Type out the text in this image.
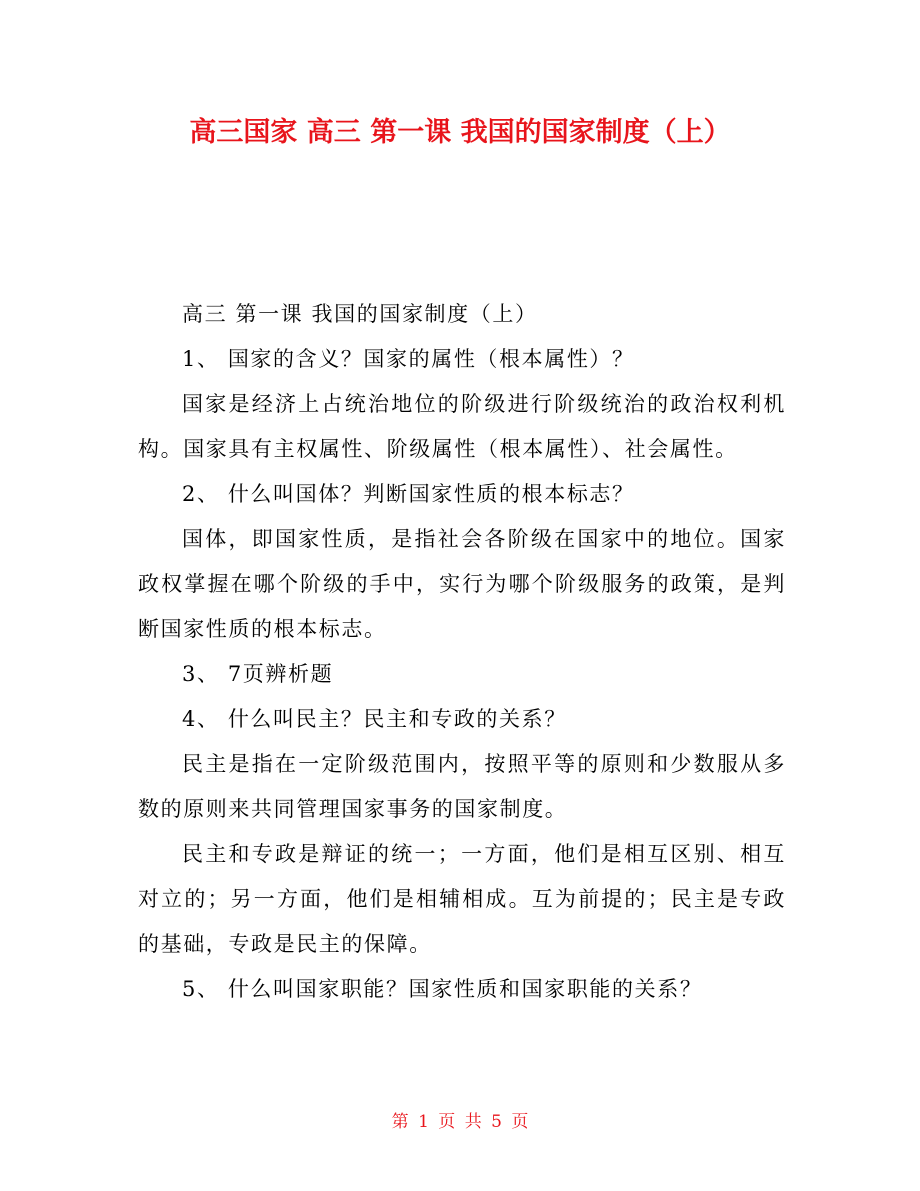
高三国家 高三 第一课 我国的国家制度（上）

高三 第一课 我国的国家制度（上）

1、 国家的含义？国家的属性（根本属性）？

国家是经济上占统治地位的阶级进行阶级统治的政治权利机构。国家具有主权属性、阶级属性（根本属性）、社会属性。

2、 什么叫国体？判断国家性质的根本标志？

国体，即国家性质，是指社会各阶级在国家中的地位。国家政权掌握在哪个阶级的手中，实行为哪个阶级服务的政策，是判断国家性质的根本标志。

3、 7页辨析题

4、 什么叫民主？民主和专政的关系？

民主是指在一定阶级范围内，按照平等的原则和少数服从多数的原则来共同管理国家事务的国家制度。

民主和专政是辩证的统一；一方面，他们是相互区别、相互对立的；另一方面，他们是相辅相成。互为前提的；民主是专政的基础，专政是民主的保障。

5、 什么叫国家职能？国家性质和国家职能的关系？

第 1 页 共 5 页
